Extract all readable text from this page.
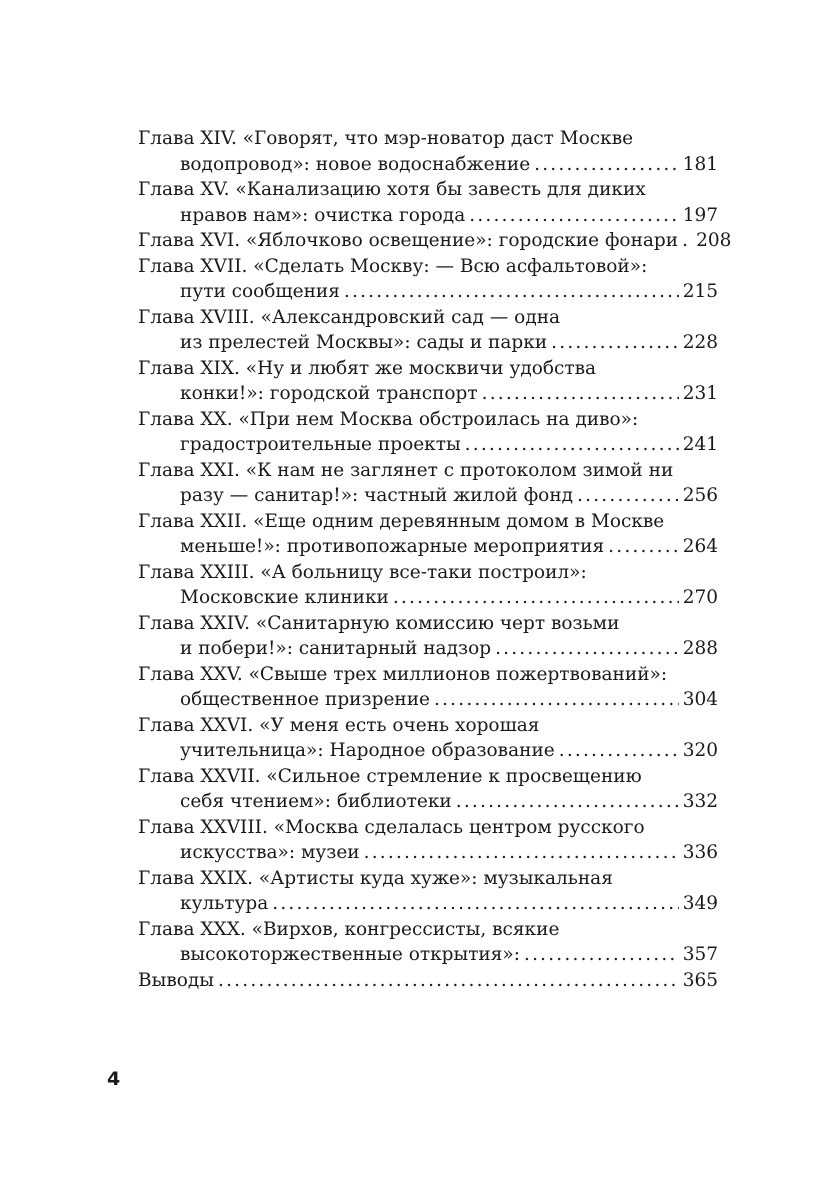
Глава XIV. «Говорят, что мэр-новатор даст Москве
водопровод»: новое водоснабжение .....	181
Глава XV. «Канализацию хотя бы завесть для диких
нравов нам»: очистка города .....	197
Глава XVI. «Яблочково освещение»: городские фонари ..... 208
Глава XVII. «Сделать Москву: — Всю асфальтовой»:
пути сообщения .....	215
Глава XVIII. «Александровский сад — одна
из прелестей Москвы»: сады и парки .....	228
Глава XIX. «Ну и любят же москвичи удобства
конки!»: городской транспорт .....	231
Глава XX. «При нем Москва обстроилась на диво»:
градостроительные проекты .....	241
Глава XXI. «К нам не заглянет с протоколом зимой ни
разу — санитар!»: частный жилой фонд .....	256
Глава XXII. «Еще одним деревянным домом в Москве
меньше!»: противопожарные мероприятия .....	264
Глава XXIII. «А больницу все-таки построил»:
Московские клиники .....	270
Глава XXIV. «Санитарную комиссию черт возьми
и побери!»: санитарный надзор .....	288
Глава XXV. «Свыше трех миллионов пожертвований»:
общественное призрение .....	304
Глава XXVI. «У меня есть очень хорошая
учительница»: Народное образование .....	320
Глава XXVII. «Сильное стремление к просвещению
себя чтением»: библиотеки .....	332
Глава XXVIII. «Москва сделалась центром русского
искусства»: музеи .....	336
Глава XXIX. «Артисты куда хуже»: музыкальная
культура .....	349
Глава XXX. «Вирхов, конгрессисты, всякие
высокоторжественные открытия»: .....	357
Выводы .....	365
4
